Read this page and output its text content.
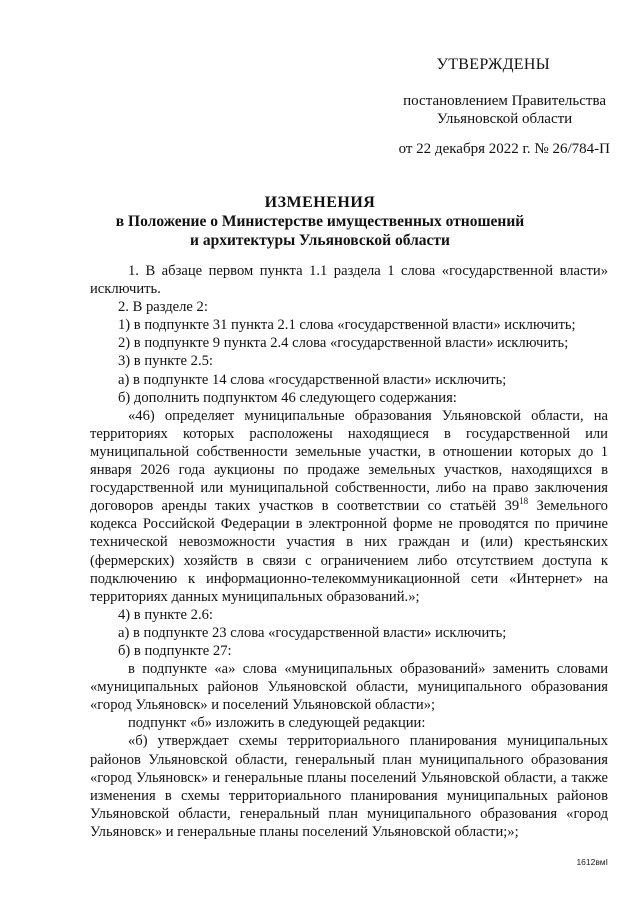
УТВЕРЖДЕНЫ
постановлением Правительства
Ульяновской области
от 22 декабря 2022 г. № 26/784-П
ИЗМЕНЕНИЯ
в Положение о Министерстве имущественных отношений
и архитектуры Ульяновской области

1. В абзаце первом пункта 1.1 раздела 1 слова «государственной власти» исключить.

2. В разделе 2:

1) в подпункте 31 пункта 2.1 слова «государственной власти» исключить;

2) в подпункте 9 пункта 2.4 слова «государственной власти» исключить;

3) в пункте 2.5:

а) в подпункте 14 слова «государственной власти» исключить;

б) дополнить подпунктом 46 следующего содержания:

«46) определяет муниципальные образования Ульяновской области, на территориях которых расположены находящиеся в государственной или муниципальной собственности земельные участки, в отношении которых до 1 января 2026 года аукционы по продаже земельных участков, находящихся в государственной или муниципальной собственности, либо на право заключения договоров аренды таких участков в соответствии со статьёй $39^{18}$ Земельного кодекса Российской Федерации в электронной форме не проводятся по причине технической невозможности участия в них граждан и (или) крестьянских (фермерских) хозяйств в связи с ограничением либо отсутствием доступа к подключению к информационно-телекоммуникационной сети «Интернет» на территориях данных муниципальных образований.»;

4) в пункте 2.6:

а) в подпункте 23 слова «государственной власти» исключить;

б) в подпункте 27:

в подпункте «а» слова «муниципальных образований» заменить словами «муниципальных районов Ульяновской области, муниципального образования «город Ульяновск» и поселений Ульяновской области»;

подпункт «б» изложить в следующей редакции:

«б) утверждает схемы территориального планирования муниципальных районов Ульяновской области, генеральный план муниципального образования «город Ульяновск» и генеральные планы поселений Ульяновской области, а также изменения в схемы территориального планирования муниципальных районов Ульяновской области, генеральный план муниципального образования «город Ульяновск» и генеральные планы поселений Ульяновской области;»;

1612вмI
